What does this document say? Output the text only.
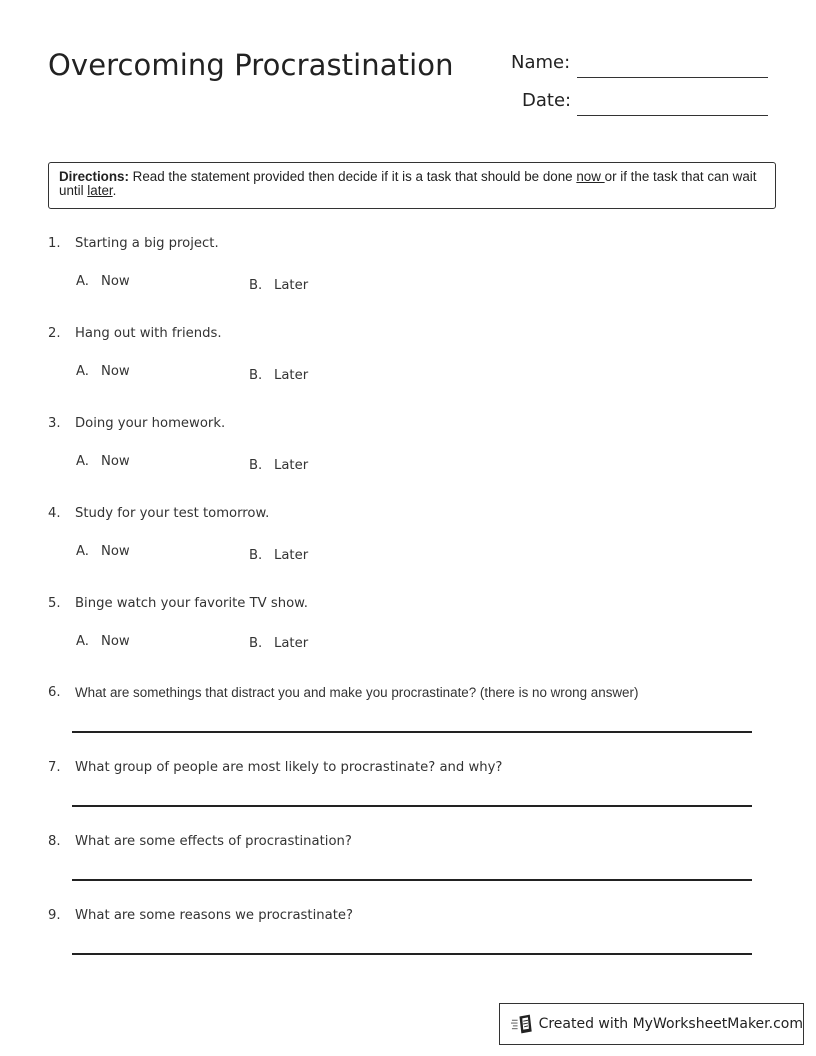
Overcoming Procrastination	Name:
Date:
Directions: Read the statement provided then decide if it is a task that should be done now or if the task that can wait until later.
1.	Starting a big project.
A. Now	B. Later
2.	Hang out with friends.
A. Now	B. Later
3.	Doing your homework.
A. Now	B. Later
4.	Study for your test tomorrow.
A. Now	B. Later
5.	Binge watch your favorite TV show.
A. Now	B. Later
6.	What are somethings that distract you and make you procrastinate? (there is no wrong answer)
7.	What group of people are most likely to procrastinate? and why?
8.	What are some effects of procrastination?
9.	What are some reasons we procrastinate?
Created with MyWorksheetMaker.com
